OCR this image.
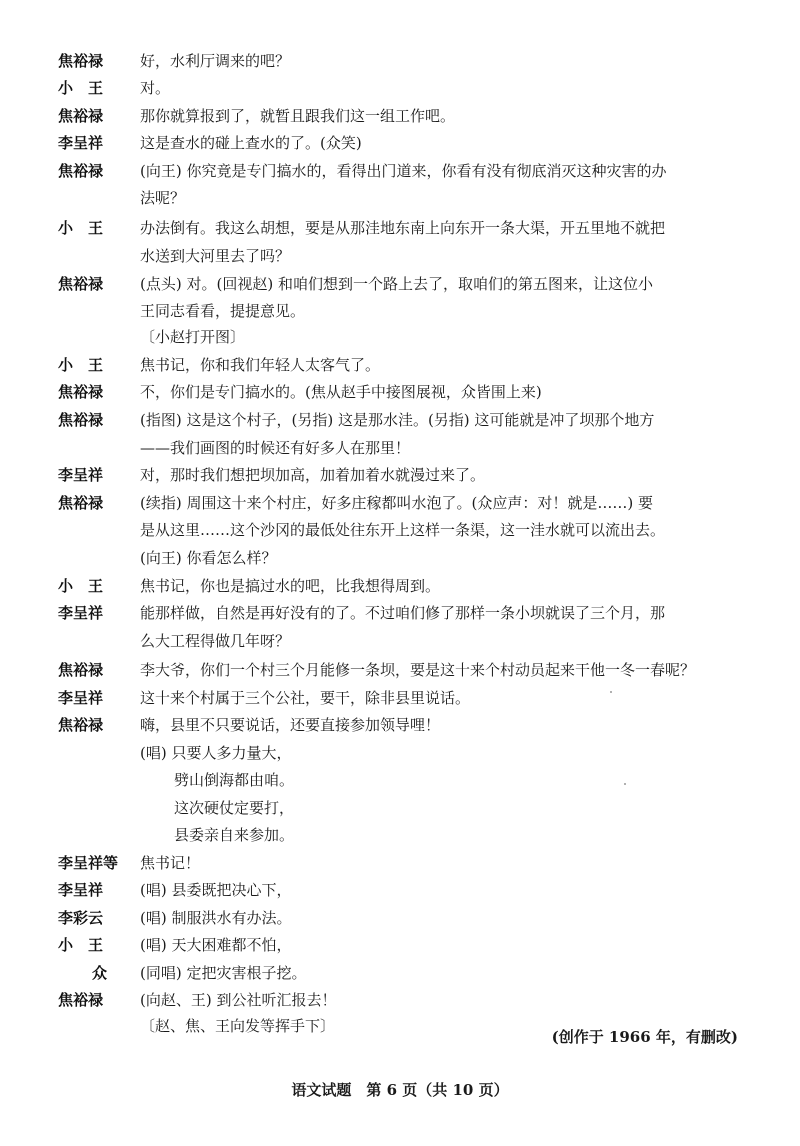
焦裕禄	好，水利厅调来的吧？
小　王	对。
焦裕禄	那你就算报到了，就暂且跟我们这一组工作吧。
李呈祥	这是查水的碰上查水的了。(众笑)
焦裕禄	(向王) 你究竟是专门搞水的，看得出门道来，你看有没有彻底消灭这种灾害的办
法呢？
小　王	办法倒有。我这么胡想，要是从那洼地东南上向东开一条大渠，开五里地不就把
水送到大河里去了吗？
焦裕禄	(点头) 对。(回视赵) 和咱们想到一个路上去了，取咱们的第五图来，让这位小
王同志看看，提提意见。
〔小赵打开图〕
小　王	焦书记，你和我们年轻人太客气了。
焦裕禄	不，你们是专门搞水的。(焦从赵手中接图展视，众皆围上来)
焦裕禄	(指图) 这是这个村子，(另指) 这是那水洼。(另指) 这可能就是冲了坝那个地方
——我们画图的时候还有好多人在那里！
李呈祥	对，那时我们想把坝加高，加着加着水就漫过来了。
焦裕禄	(续指) 周围这十来个村庄，好多庄稼都叫水泡了。(众应声：对！就是……) 要
是从这里……这个沙冈的最低处往东开上这样一条渠，这一洼水就可以流出去。
(向王) 你看怎么样？
小　王	焦书记，你也是搞过水的吧，比我想得周到。
李呈祥	能那样做，自然是再好没有的了。不过咱们修了那样一条小坝就误了三个月，那
么大工程得做几年呀？
焦裕禄	李大爷，你们一个村三个月能修一条坝，要是这十来个村动员起来干他一冬一春呢？
李呈祥	这十来个村属于三个公社，要干，除非县里说话。
焦裕禄	嗨，县里不只要说话，还要直接参加领导哩！
(唱) 只要人多力量大，
劈山倒海都由咱。
这次硬仗定要打，
县委亲自来参加。
李呈祥等	焦书记！
李呈祥	(唱) 县委既把决心下，
李彩云	(唱) 制服洪水有办法。
小　王	(唱) 天大困难都不怕，
众	(同唱) 定把灾害根子挖。
焦裕禄	(向赵、王) 到公社听汇报去！
〔赵、焦、王向发等挥手下〕
(创作于 1966 年，有删改)
语文试题　第 6 页（共 10 页）
